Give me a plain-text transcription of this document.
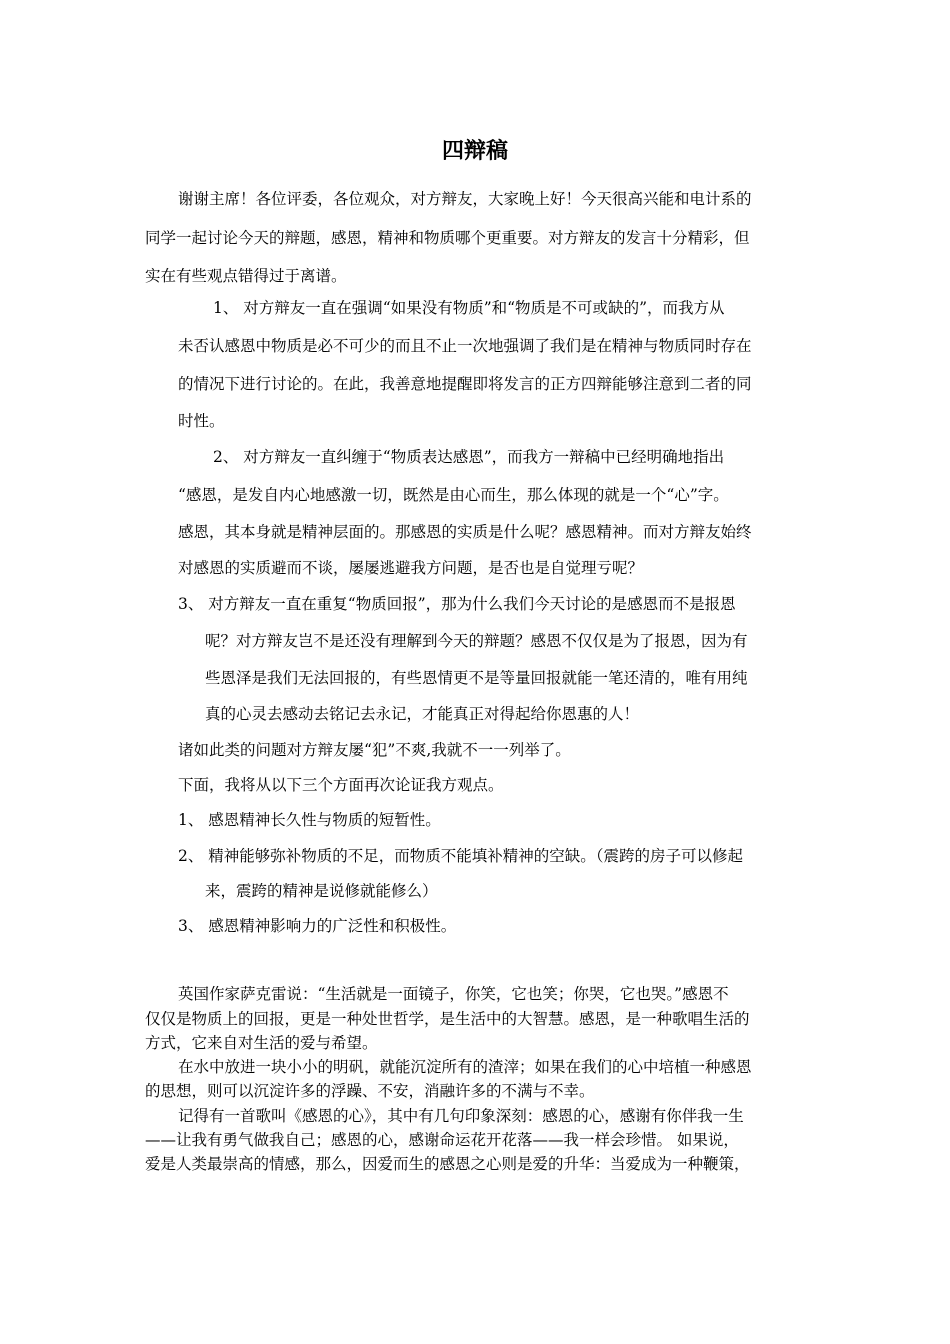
四辩稿
谢谢主席！各位评委，各位观众，对方辩友，大家晚上好！今天很高兴能和电计系的
同学一起讨论今天的辩题，感恩，精神和物质哪个更重要。对方辩友的发言十分精彩，但
实在有些观点错得过于离谱。
1、 对方辩友一直在强调“如果没有物质”和“物质是不可或缺的”，而我方从
未否认感恩中物质是必不可少的而且不止一次地强调了我们是在精神与物质同时存在
的情况下进行讨论的。在此，我善意地提醒即将发言的正方四辩能够注意到二者的同
时性。
2、 对方辩友一直纠缠于“物质表达感恩”，而我方一辩稿中已经明确地指出
“感恩，是发自内心地感激一切，既然是由心而生，那么体现的就是一个“心”字。
感恩，其本身就是精神层面的。那感恩的实质是什么呢？感恩精神。而对方辩友始终
对感恩的实质避而不谈，屡屡逃避我方问题，是否也是自觉理亏呢？
3、 对方辩友一直在重复“物质回报”，那为什么我们今天讨论的是感恩而不是报恩
呢？对方辩友岂不是还没有理解到今天的辩题？感恩不仅仅是为了报恩，因为有
些恩泽是我们无法回报的，有些恩情更不是等量回报就能一笔还清的，唯有用纯
真的心灵去感动去铭记去永记，才能真正对得起给你恩惠的人！
诸如此类的问题对方辩友屡“犯”不爽,我就不一一列举了。
下面，我将从以下三个方面再次论证我方观点。
1、 感恩精神长久性与物质的短暂性。
2、 精神能够弥补物质的不足，而物质不能填补精神的空缺。（震跨的房子可以修起
来，震跨的精神是说修就能修么）
3、 感恩精神影响力的广泛性和积极性。
英国作家萨克雷说：“生活就是一面镜子，你笑，它也笑；你哭，它也哭。”感恩不
仅仅是物质上的回报，更是一种处世哲学，是生活中的大智慧。感恩，是一种歌唱生活的
方式，它来自对生活的爱与希望。
在水中放进一块小小的明矾，就能沉淀所有的渣滓；如果在我们的心中培植一种感恩
的思想，则可以沉淀许多的浮躁、不安，消融许多的不满与不幸。
记得有一首歌叫《感恩的心》，其中有几句印象深刻：感恩的心，感谢有你伴我一生
——让我有勇气做我自己；感恩的心，感谢命运花开花落——我一样会珍惜。 如果说，
爱是人类最崇高的情感，那么，因爱而生的感恩之心则是爱的升华：当爱成为一种鞭策，
